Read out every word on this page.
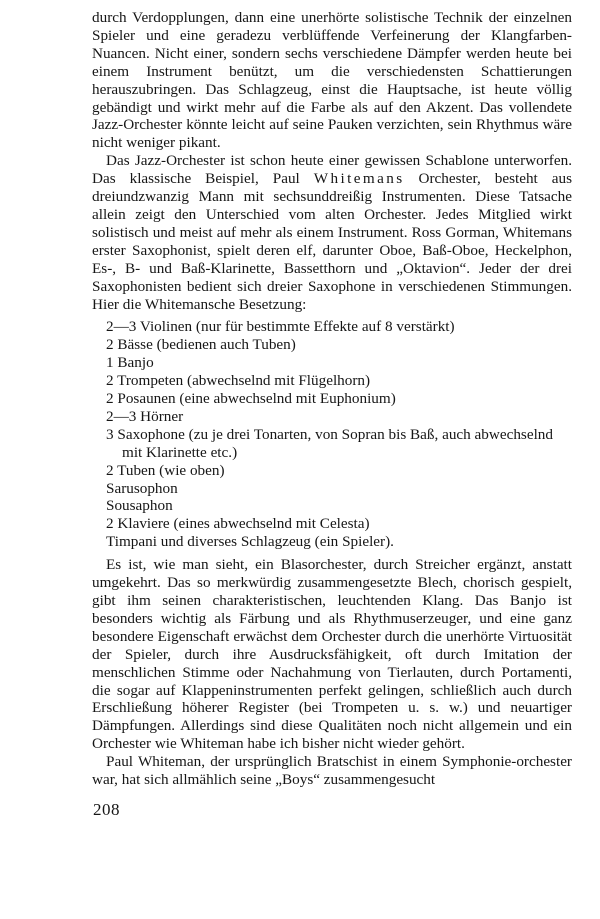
durch Verdopplungen, dann eine unerhörte solistische Technik der einzelnen Spieler und eine geradezu verblüffende Verfeinerung der Klangfarben-Nuancen. Nicht einer, sondern sechs verschiedene Dämpfer werden heute bei einem Instrument benützt, um die verschiedensten Schattierungen herauszubringen. Das Schlagzeug, einst die Hauptsache, ist heute völlig gebändigt und wirkt mehr auf die Farbe als auf den Akzent. Das vollendete Jazz-Orchester könnte leicht auf seine Pauken verzichten, sein Rhythmus wäre nicht weniger pikant.

Das Jazz-Orchester ist schon heute einer gewissen Schablone unterworfen. Das klassische Beispiel, Paul Whitemans Orchester, besteht aus dreiundzwanzig Mann mit sechsunddreißig Instrumenten. Diese Tatsache allein zeigt den Unterschied vom alten Orchester. Jedes Mitglied wirkt solistisch und meist auf mehr als einem Instrument. Ross Gorman, Whitemans erster Saxophonist, spielt deren elf, darunter Oboe, Baß-Oboe, Heckelphon, Es-, B- und Baß-Klarinette, Bassetthorn und „Oktavion“. Jeder der drei Saxophonisten bedient sich dreier Saxophone in verschiedenen Stimmungen. Hier die Whitemansche Besetzung:

2—3 Violinen (nur für bestimmte Effekte auf 8 verstärkt)
2 Bässe (bedienen auch Tuben)
1 Banjo
2 Trompeten (abwechselnd mit Flügelhorn)
2 Posaunen (eine abwechselnd mit Euphonium)
2—3 Hörner
3 Saxophone (zu je drei Tonarten, von Sopran bis Baß, auch abwechselnd mit Klarinette etc.)
2 Tuben (wie oben)
Sarusophon
Sousaphon
2 Klaviere (eines abwechselnd mit Celesta)
Timpani und diverses Schlagzeug (ein Spieler).

Es ist, wie man sieht, ein Blasorchester, durch Streicher ergänzt, anstatt umgekehrt. Das so merkwürdig zusammengesetzte Blech, chorisch gespielt, gibt ihm seinen charakteristischen, leuchtenden Klang. Das Banjo ist besonders wichtig als Färbung und als Rhythmuserzeuger, und eine ganz besondere Eigenschaft erwächst dem Orchester durch die unerhörte Virtuosität der Spieler, durch ihre Ausdrucksfähigkeit, oft durch Imitation der menschlichen Stimme oder Nachahmung von Tierlauten, durch Portamenti, die sogar auf Klappeninstrumenten perfekt gelingen, schließlich auch durch Erschließung höherer Register (bei Trompeten u. s. w.) und neuartiger Dämpfungen. Allerdings sind diese Qualitäten noch nicht allgemein und ein Orchester wie Whiteman habe ich bisher nicht wieder gehört.

Paul Whiteman, der ursprünglich Bratschist in einem Symphonie-orchester war, hat sich allmählich seine „Boys“ zusammengesucht

208
